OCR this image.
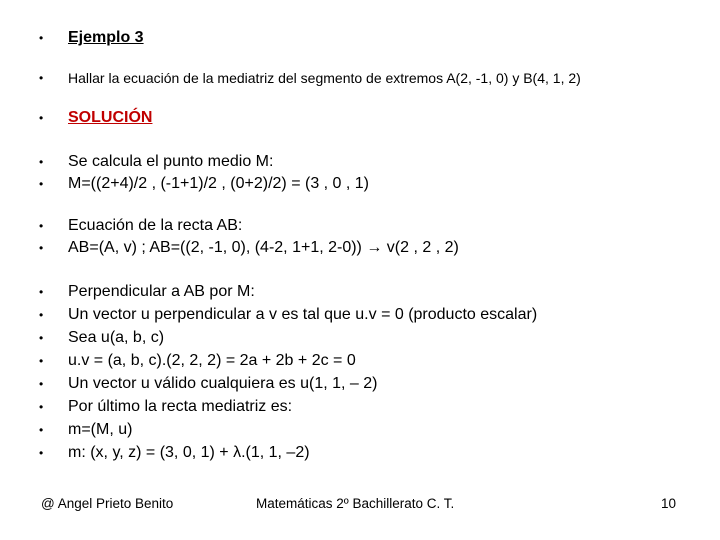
• Ejemplo 3
• Hallar la ecuación de la mediatriz del segmento de extremos A(2, -1, 0) y B(4, 1, 2)
• SOLUCIÓN
• Se calcula el punto medio M:
• M=((2+4)/2 , (-1+1)/2 , (0+2)/2) = (3 , 0 , 1)
• Ecuación de la recta AB:
• AB=(A, v) ; AB=((2, -1, 0), (4-2, 1+1, 2-0)) → v(2 , 2 , 2)
• Perpendicular a AB por M:
• Un vector u perpendicular a v es tal que u.v = 0 (producto escalar)
• Sea u(a, b, c)
• u.v = (a, b, c).(2, 2, 2) = 2a + 2b + 2c = 0
• Un vector u válido cualquiera es u(1, 1, – 2)
• Por último la recta mediatriz es:
• m=(M, u)
• m: (x, y, z) = (3, 0, 1) + λ.(1, 1, –2)
@ Angel Prieto Benito	Matemáticas 2º Bachillerato C. T.	10
